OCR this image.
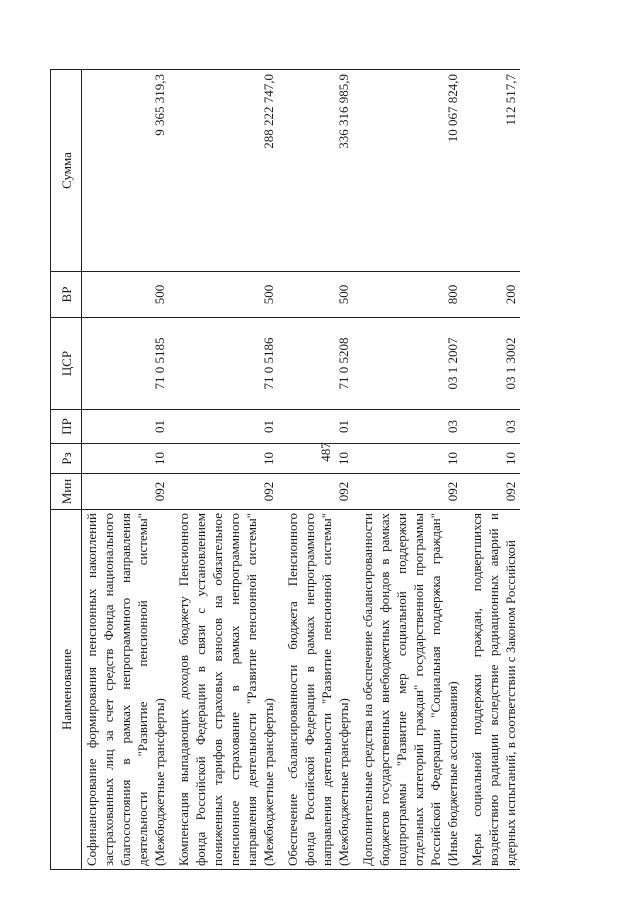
487
Наименование	Мин	Рз	ПР	ЦСР	ВР	Сумма
Софинансирование формирования пенсионных накоплений застрахованных лиц за счет средств Фонда национального благосостояния в рамках непрограммного направления деятельности "Развитие пенсионной системы" (Межбюджетные трансферты)	092	10	01	71 0 5185	500	9 365 319,3
Компенсация выпадающих доходов бюджету Пенсионного фонда Российской Федерации в связи с установлением пониженных тарифов страховых взносов на обязательное пенсионное страхование в рамках непрограммного направления деятельности "Развитие пенсионной системы" (Межбюджетные трансферты)	092	10	01	71 0 5186	500	288 222 747,0
Обеспечение сбалансированности бюджета Пенсионного фонда Российской Федерации в рамках непрограммного направления деятельности "Развитие пенсионной системы" (Межбюджетные трансферты)	092	10	01	71 0 5208	500	336 316 985,9
Дополнительные средства на обеспечение сбалансированности бюджетов государственных внебюджетных фондов в рамках подпрограммы "Развитие мер социальной поддержки отдельных категорий граждан" государственной программы Российской Федерации "Социальная поддержка граждан" (Иные бюджетные ассигнования)	092	10	03	03 1 2007	800	10 067 824,0
Меры социальной поддержки граждан, подвергшихся воздействию радиации вследствие радиационных аварий и ядерных испытаний, в соответствии с Законом Российской	092	10	03	03 1 3002	200	112 517,7
